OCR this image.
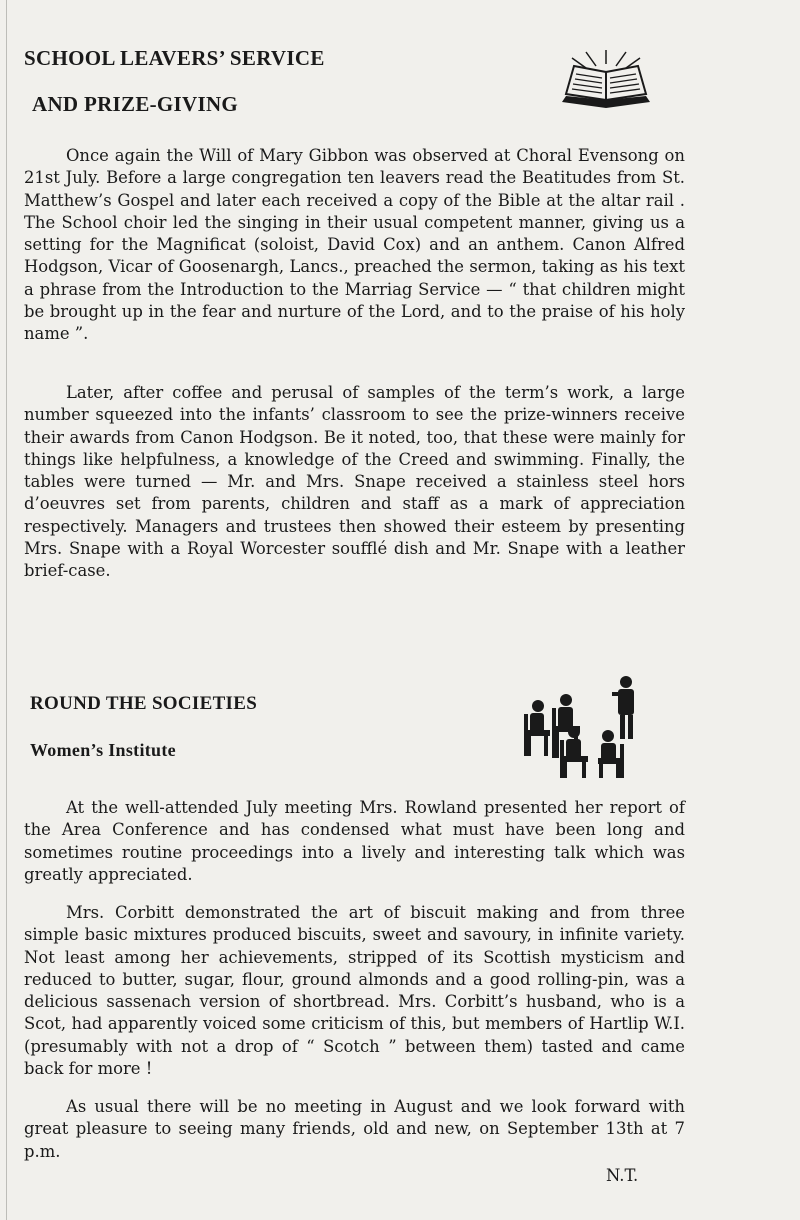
SCHOOL LEAVERS’ SERVICE
AND PRIZE-GIVING

Once again the Will of Mary Gibbon was observed at Choral Evensong on 21st July. Before a large congregation ten leavers read the Beatitudes from St. Matthew’s Gospel and later each received a copy of the Bible at the altar rail . The School choir led the singing in their usual competent manner, giving us a setting for the Magnificat (soloist, David Cox) and an anthem. Canon Alfred Hodgson, Vicar of Goosenargh, Lancs., preached the sermon, taking as his text a phrase from the Introduction to the Marriag Service — “ that children might be brought up in the fear and nurture of the Lord, and to the praise of his holy name ”.

Later, after coffee and perusal of samples of the term’s work, a large number squeezed into the infants’ classroom to see the prize-winners receive their awards from Canon Hodgson. Be it noted, too, that these were mainly for things like helpfulness, a knowledge of the Creed and swimming. Finally, the tables were turned — Mr. and Mrs. Snape received a stainless steel hors d’oeuvres set from parents, children and staff as a mark of appreciation respectively. Managers and trustees then showed their esteem by presenting Mrs. Snape with a Royal Worcester soufflé dish and Mr. Snape with a leather brief-case.

ROUND THE SOCIETIES
Women’s Institute

At the well-attended July meeting Mrs. Rowland presented her report of the Area Conference and has condensed what must have been long and sometimes routine proceedings into a lively and interesting talk which was greatly appreciated.

Mrs. Corbitt demonstrated the art of biscuit making and from three simple basic mixtures produced biscuits, sweet and savoury, in infinite variety. Not least among her achievements, stripped of its Scottish mysticism and reduced to butter, sugar, flour, ground almonds and a good rolling-pin, was a delicious sassenach version of shortbread. Mrs. Corbitt’s husband, who is a Scot, had apparently voiced some criticism of this, but members of Hartlip W.I. (presumably with not a drop of “ Scotch ” between them) tasted and came back for more !

As usual there will be no meeting in August and we look forward with great pleasure to seeing many friends, old and new, on September 13th at 7 p.m.

N.T.
